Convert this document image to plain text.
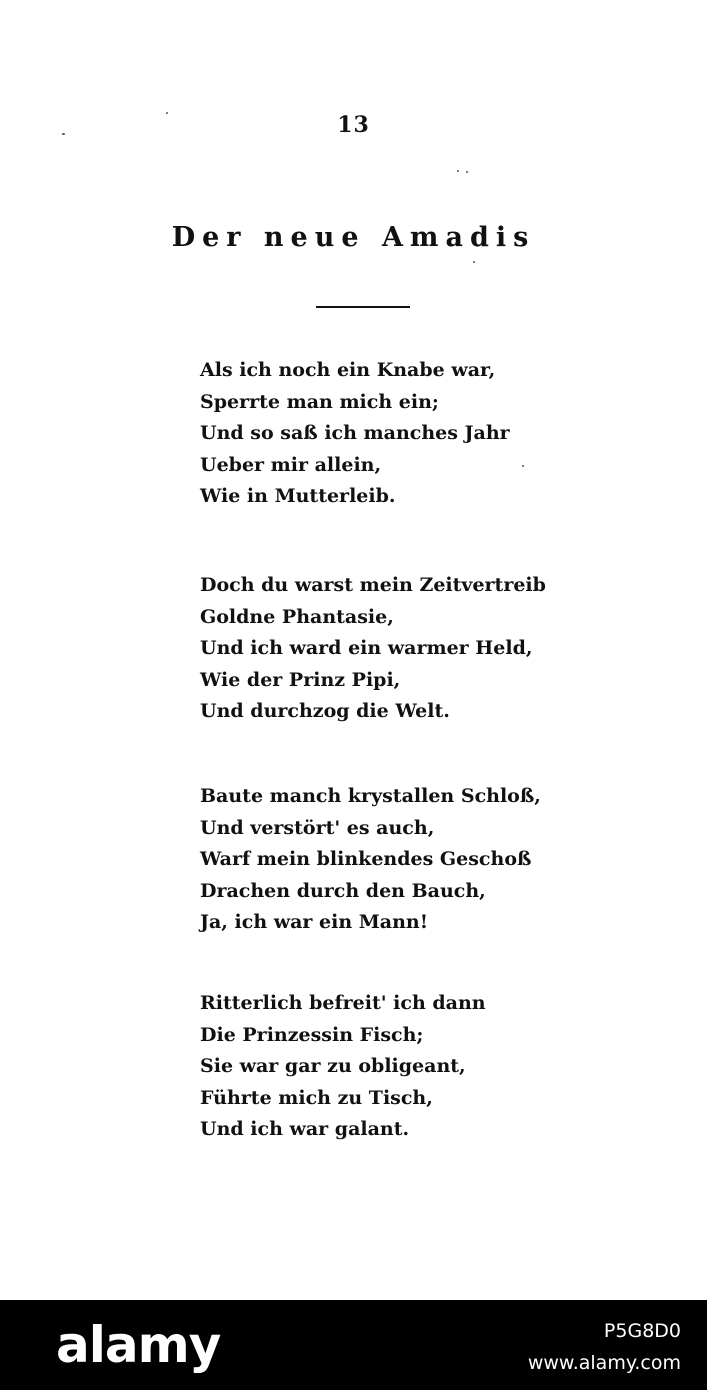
13
Der neue Amadis
Als ich noch ein Knabe war,
Sperrte man mich ein;
Und so saß ich manches Jahr
Ueber mir allein,
Wie in Mutterleib.
Doch du warst mein Zeitvertreib
Goldne Phantasie,
Und ich ward ein warmer Held,
Wie der Prinz Pipi,
Und durchzog die Welt.
Baute manch krystallen Schloß,
Und verstört' es auch,
Warf mein blinkendes Geschoß
Drachen durch den Bauch,
Ja, ich war ein Mann!
Ritterlich befreit' ich dann
Die Prinzessin Fisch;
Sie war gar zu obligeant,
Führte mich zu Tisch,
Und ich war galant.
alamy	P5G8D0
www.alamy.com
